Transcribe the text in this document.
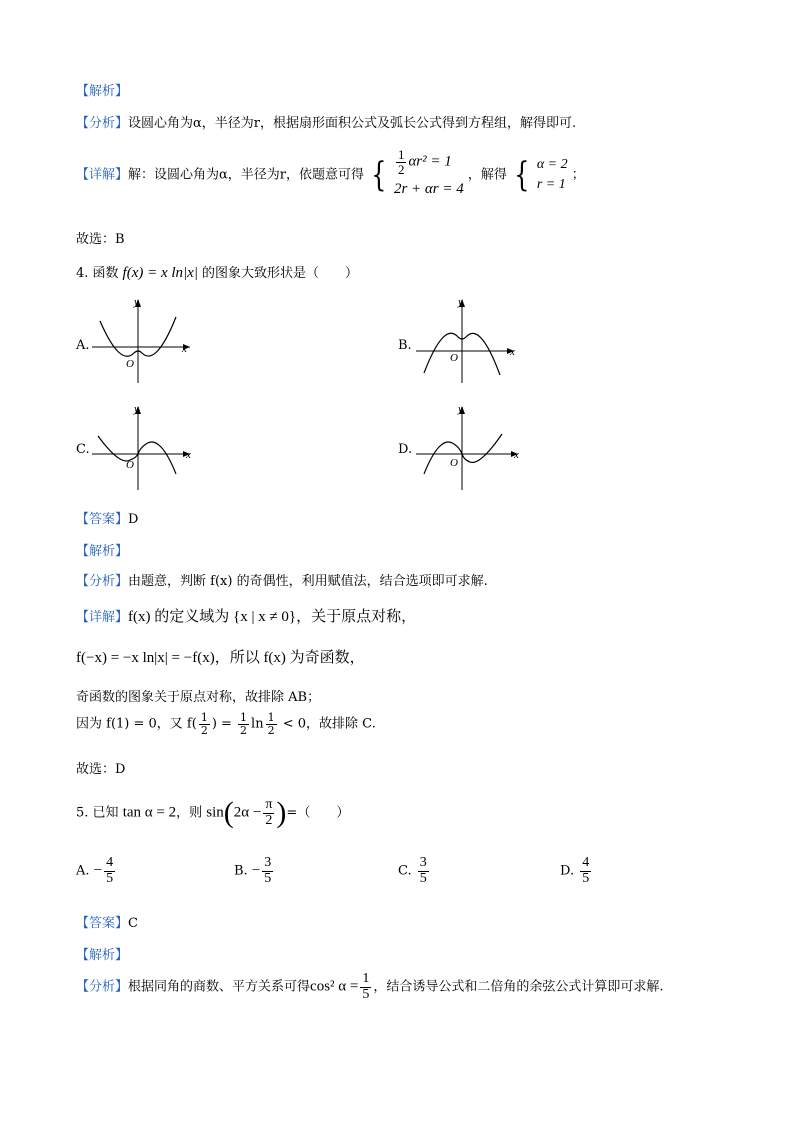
【解析】
【分析】设圆心角为α，半径为r，根据扇形面积公式及弧长公式得到方程组，解得即可.
【详解】解：设圆心角为α，半径为r，依题意可得 { $\frac{1}{2} \alpha r^2 = 1$
2r + αr = 4
，解得 { α = 2
r = 1
；
故选：B
4. 函数 f(x) = x ln|x| 的图象大致形状是（　　）
A.	x
y
O
B.	x
y
O
C.	x
y
O
D.	x
y
O
【答案】D
【解析】
【分析】由题意，判断 f(x) 的奇偶性，利用赋值法，结合选项即可求解.
【详解】f(x) 的定义域为 {x | x ≠ 0}，关于原点对称，
f(−x) = −x ln|x| = −f(x)，所以 f(x) 为奇函数，
奇函数的图象关于原点对称，故排除 AB；
因为 f(1) = 0，又 $f( \frac{1}{2}$ ) = $\frac{1}{2}$ $\ln \frac{1}{2} < 0$，故排除 C.
故选：D
5. 已知 tan α = 2，则 $\sin(2\alpha - \frac{\pi}{2}$ )=（　　）
A. − $\frac{4}{5}$	B. − $\frac{3}{5}$	C. $\frac{3}{5}$	D. $\frac{4}{5}$
【答案】C
【解析】
【分析】根据同角的商数、平方关系可得cos² $\alpha = \frac{1}{5}$ ，结合诱导公式和二倍角的余弦公式计算即可求解.
